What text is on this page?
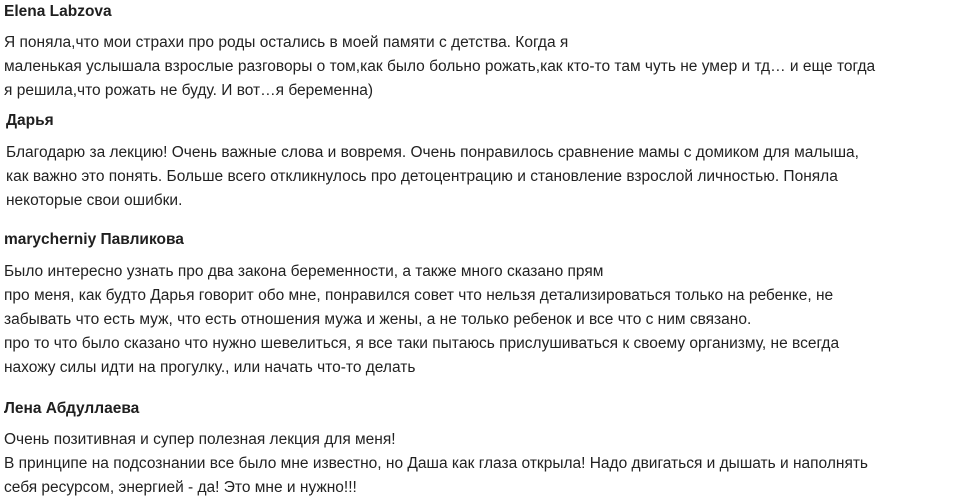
Elena Labzova
Я поняла,что мои страхи про роды остались в моей памяти с детства. Когда я
маленькая услышала взрослые разговоры о том,как было больно рожать,как кто-то там чуть не умер и тд… и еще тогда
я решила,что рожать не буду. И вот…я беременна)
Дарья
Благодарю за лекцию! Очень важные слова и вовремя. Очень понравилось сравнение мамы с домиком для малыша,
как важно это понять. Больше всего откликнулось про детоцентрацию и становление взрослой личностью. Поняла
некоторые свои ошибки.
marycherniy Павликова
Было интересно узнать про два закона беременности, а также много сказано прям
про меня, как будто Дарья говорит обо мне, понравился совет что нельзя детализироваться только на ребенке, не
забывать что есть муж, что есть отношения мужа и жены, а не только ребенок и все что с ним связано.
про то что было сказано что нужно шевелиться, я все таки пытаюсь прислушиваться к своему организму, не всегда
нахожу силы идти на прогулку., или начать что-то делать
Лена Абдуллаева
Очень позитивная и супер полезная лекция для меня!
В принципе на подсознании все было мне известно, но Даша как глаза открыла! Надо двигаться и дышать и наполнять
себя ресурсом, энергией - да! Это мне и нужно!!!
